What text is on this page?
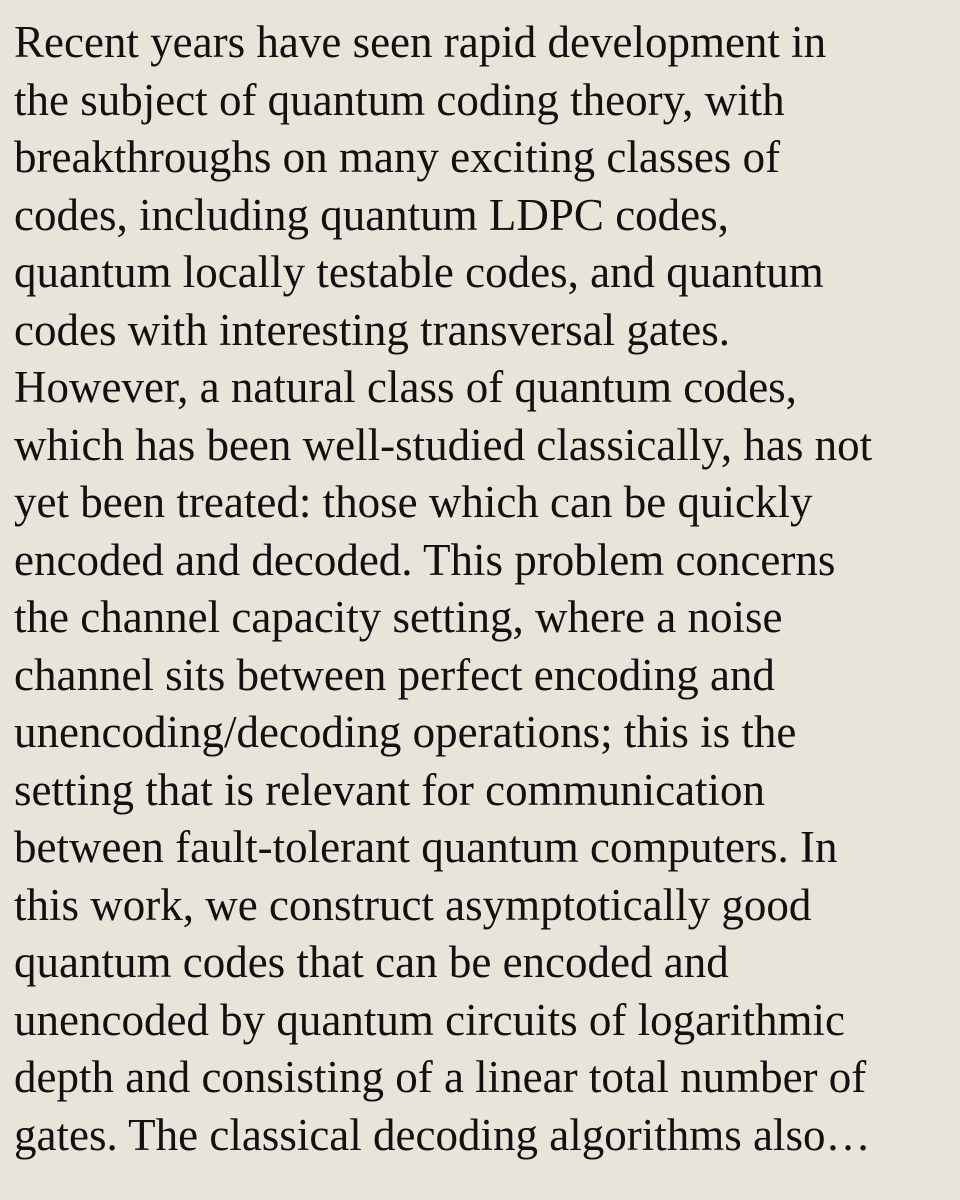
Recent years have seen rapid development in
the subject of quantum coding theory, with
breakthroughs on many exciting classes of
codes, including quantum LDPC codes,
quantum locally testable codes, and quantum
codes with interesting transversal gates.
However, a natural class of quantum codes,
which has been well-studied classically, has not
yet been treated: those which can be quickly
encoded and decoded. This problem concerns
the channel capacity setting, where a noise
channel sits between perfect encoding and
unencoding/decoding operations; this is the
setting that is relevant for communication
between fault-tolerant quantum computers. In
this work, we construct asymptotically good
quantum codes that can be encoded and
unencoded by quantum circuits of logarithmic
depth and consisting of a linear total number of
gates. The classical decoding algorithms also…
